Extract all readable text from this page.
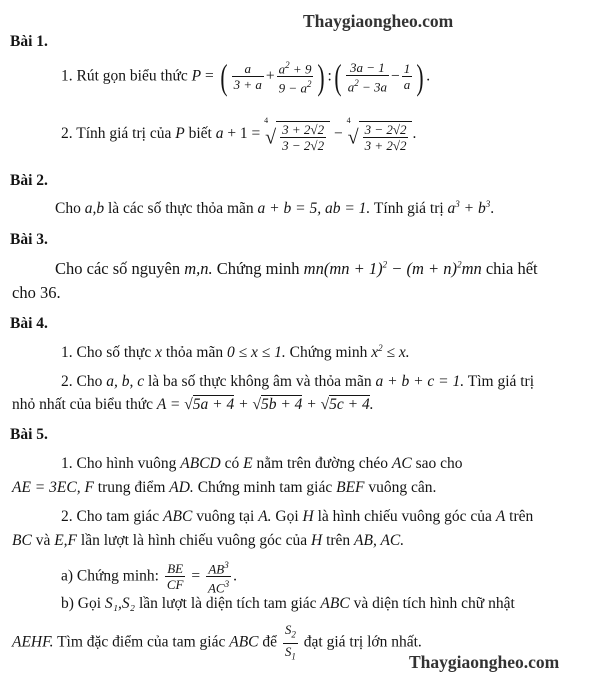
Thaygiaongheo.com
Bài 1.
1. Rút gọn biểu thức P = ( $\frac{a}{3 + a} + \frac{a^2 + 9}{9 - a^2}$ ) :( $\frac{3a - 1}{a^2 - 3a} - \frac{1}{a}$ ) .
2. Tính giá trị của P biết $a + 1 = ^4√ \frac{3 + 2√2}{3 - 2√2} - ^4√ \frac{3 - 2√2}{3 + 2√2}$ .
Bài 2.
Cho a,b là các số thực thỏa mãn a + b = 5, ab = 1. Tính giá trị $a^3 + b^3$.
Bài 3.
Cho các số nguyên m,n. Chứng minh $mn(mn + 1)^2 - (m + n)^2mn$ chia hết
cho 36.
Bài 4.
1. Cho số thực x thỏa mãn 0 ≤ x ≤ 1. Chứng minh $x^2 \le x$.
2. Cho a, b, c là ba số thực không âm và thỏa mãn a + b + c = 1. Tìm giá trị
nhỏ nhất của biểu thức A = √5a + 4 + √5b + 4 + √5c + 4.
Bài 5.
1. Cho hình vuông ABCD có E nằm trên đường chéo AC sao cho
AE = 3EC, F trung điểm AD. Chứng minh tam giác BEF vuông cân.
2. Cho tam giác ABC vuông tại A. Gọi H là hình chiếu vuông góc của A trên
BC và E,F lần lượt là hình chiếu vuông góc của H trên AB, AC.
a) Chứng minh: $\frac{BE}{CF} = \frac{AB^3}{AC^3}$ .
b) Gọi S₁,S₂ lần lượt là diện tích tam giác ABC và diện tích hình chữ nhật
AEHF. Tìm đặc điểm của tam giác ABC để $\frac{S_2}{S_1}$ đạt giá trị lớn nhất.
Thaygiaongheo.com
